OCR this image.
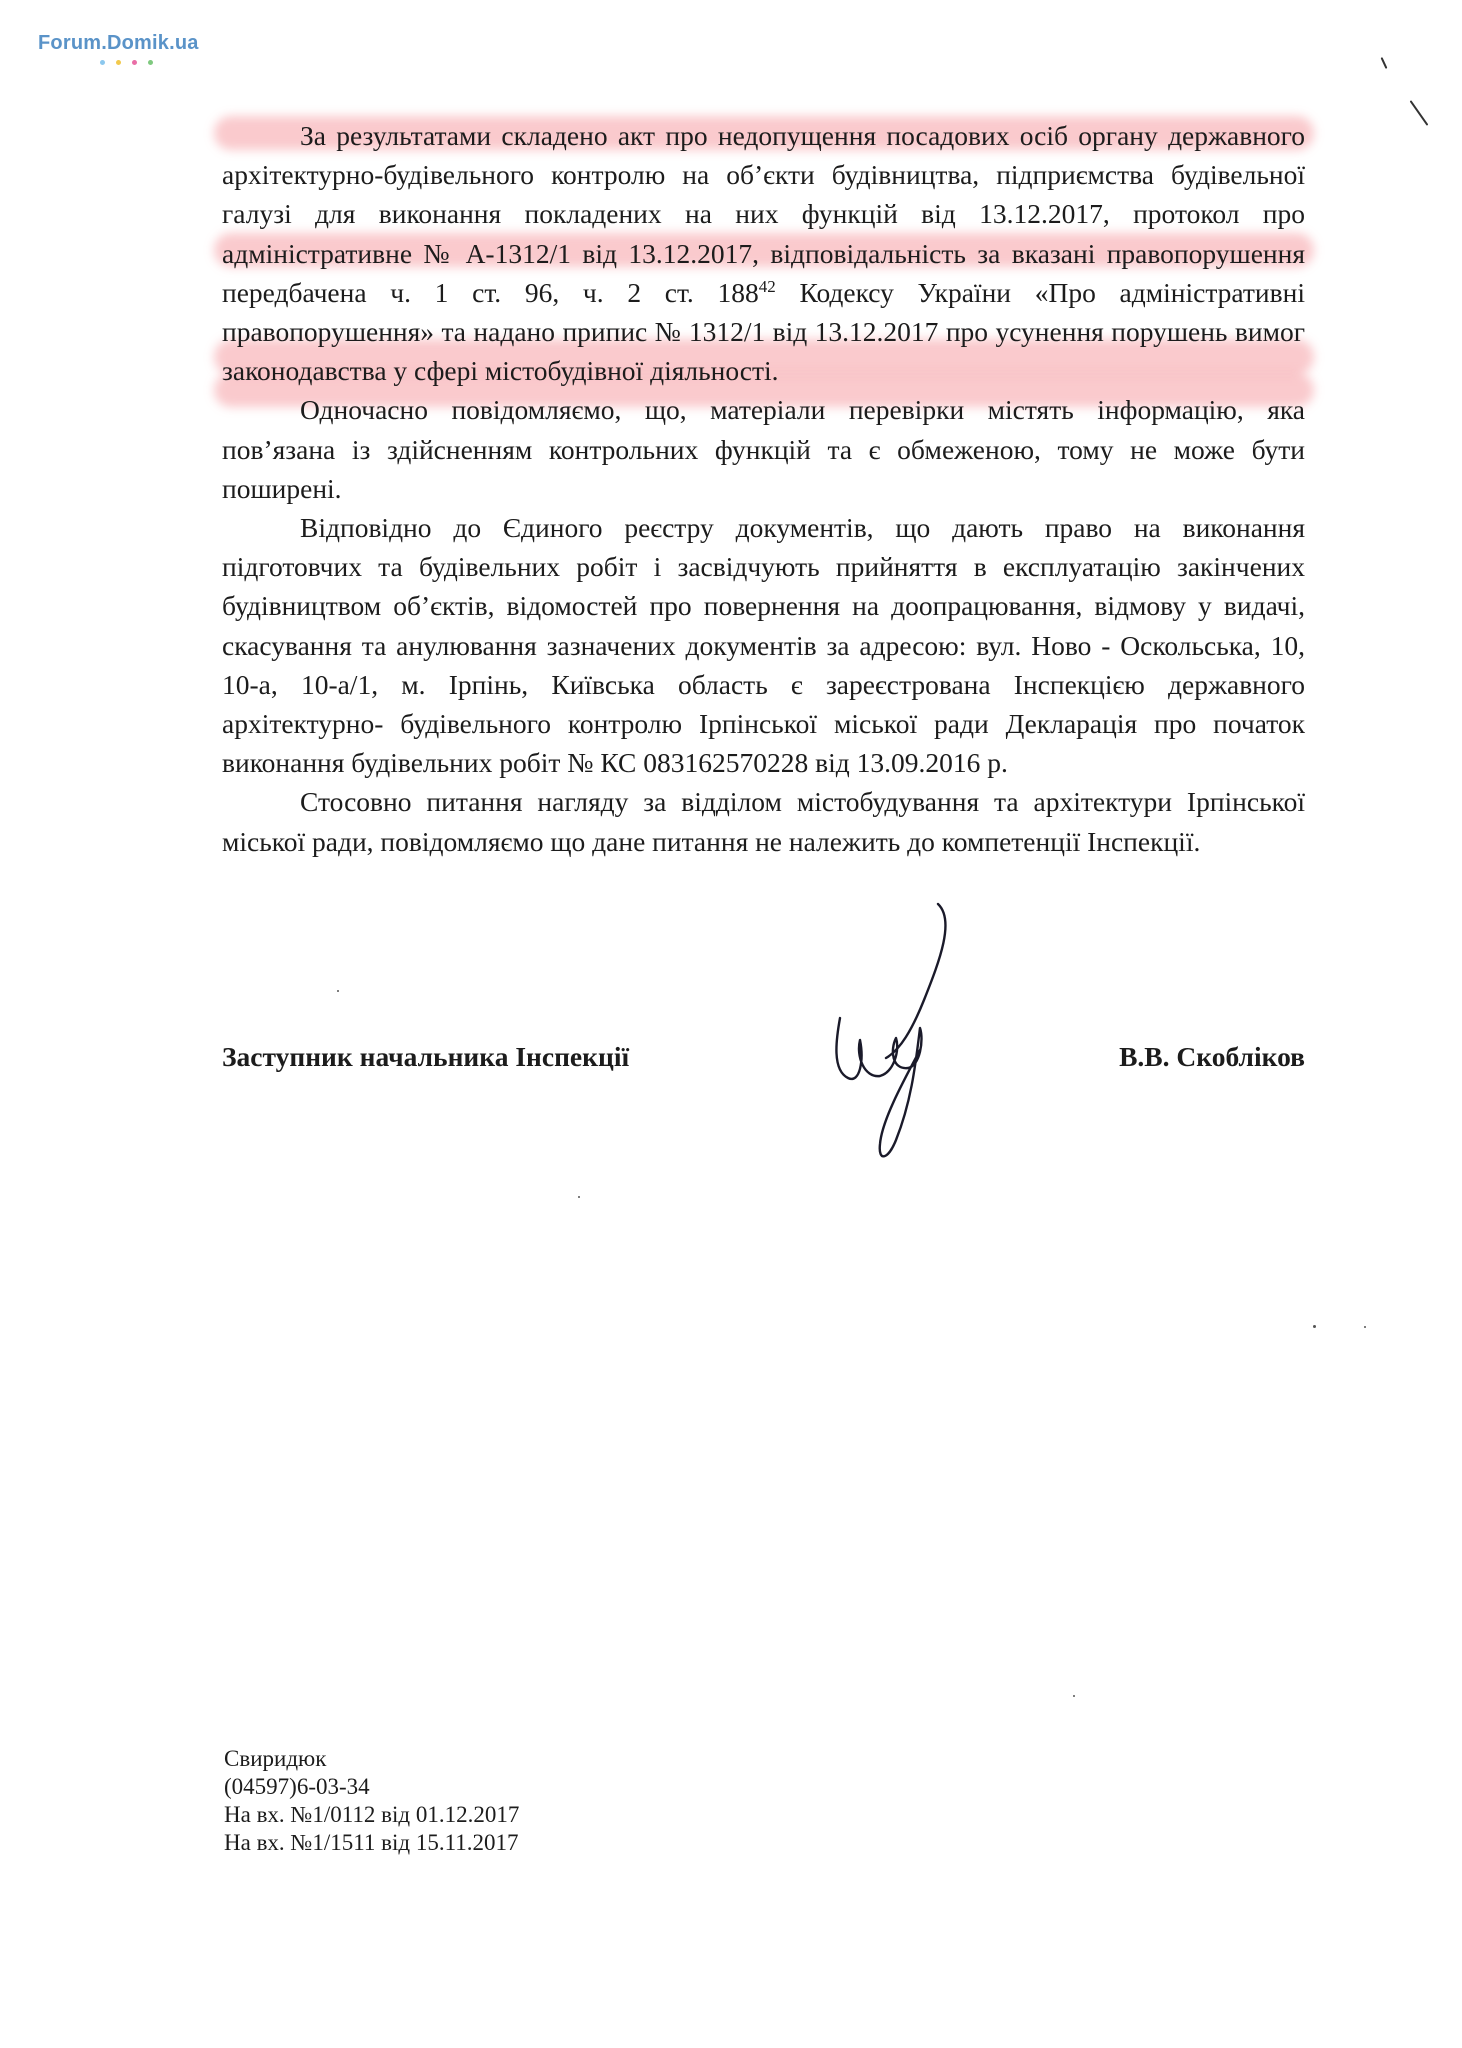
Forum.Domik.ua

За результатами складено акт про недопущення посадових осіб органу державного архітектурно-будівельного контролю на об’єкти будівництва, підприємства будівельної галузі для виконання покладених на них функцій від 13.12.2017, протокол про адміністративне № А-1312/1 від 13.12.2017, відповідальність за вказані правопорушення передбачена ч. 1 ст. 96, ч. 2 ст. $188^{42}$ Кодексу України «Про адміністративні правопорушення» та надано припис № 1312/1 від 13.12.2017 про усунення порушень вимог законодавства у сфері містобудівної діяльності.

Одночасно повідомляємо, що, матеріали перевірки містять інформацію, яка пов’язана із здійсненням контрольних функцій та є обмеженою, тому не може бути поширені.

Відповідно до Єдиного реєстру документів, що дають право на виконання підготовчих та будівельних робіт і засвідчують прийняття в експлуатацію закінчених будівництвом об’єктів, відомостей про повернення на доопрацювання, відмову у видачі, скасування та анулювання зазначених документів за адресою: вул. Ново - Оскольська, 10, 10-а, 10-а/1, м. Ірпінь, Київська область є зареєстрована Інспекцією державного архітектурно- будівельного контролю Ірпінської міської ради Декларація про початок виконання будівельних робіт № КС 083162570228 від 13.09.2016 р.

Стосовно питання нагляду за відділом містобудування та архітектури Ірпінської міської ради, повідомляємо що дане питання не належить до компетенції Інспекції.

Заступник начальника Інспекції	В.В. Скобліков
Свиридюк
(04597)6-03-34
На вх. №1/0112 від 01.12.2017
На вх. №1/1511 від 15.11.2017
